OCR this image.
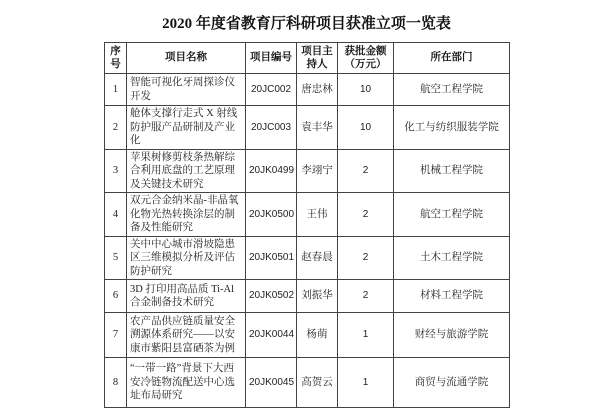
2020 年度省教育厅科研项目获准立项一览表
序号	项目名称	项目编号	项目主持人	获批金额（万元）	所在部门
1	智能可视化牙周探诊仪开发	20JC002	唐忠林	10	航空工程学院
2	舱体支撑行走式 X 射线防护服产品研制及产业化	20JC003	袁丰华	10	化工与纺织服装学院
3	苹果树修剪枝条热解综合利用底盘的工艺原理及关键技术研究	20JK0499	李翊宁	2	机械工程学院
4	双元合金纳米晶-非晶氧化物光热转换涂层的制备及性能研究	20JK0500	王伟	2	航空工程学院
5	关中中心城市滑坡隐患区三维模拟分析及评估防护研究	20JK0501	赵春晨	2	土木工程学院
6	3D 打印用高品质 Ti-Al 合金制备技术研究	20JK0502	刘振华	2	材料工程学院
7	农产品供应链质量安全溯源体系研究——以安康市紫阳县富硒茶为例	20JK0044	杨萌	1	财经与旅游学院
8	“一带一路”背景下大西安冷链物流配送中心选址布局研究	20JK0045	高贺云	1	商贸与流通学院
